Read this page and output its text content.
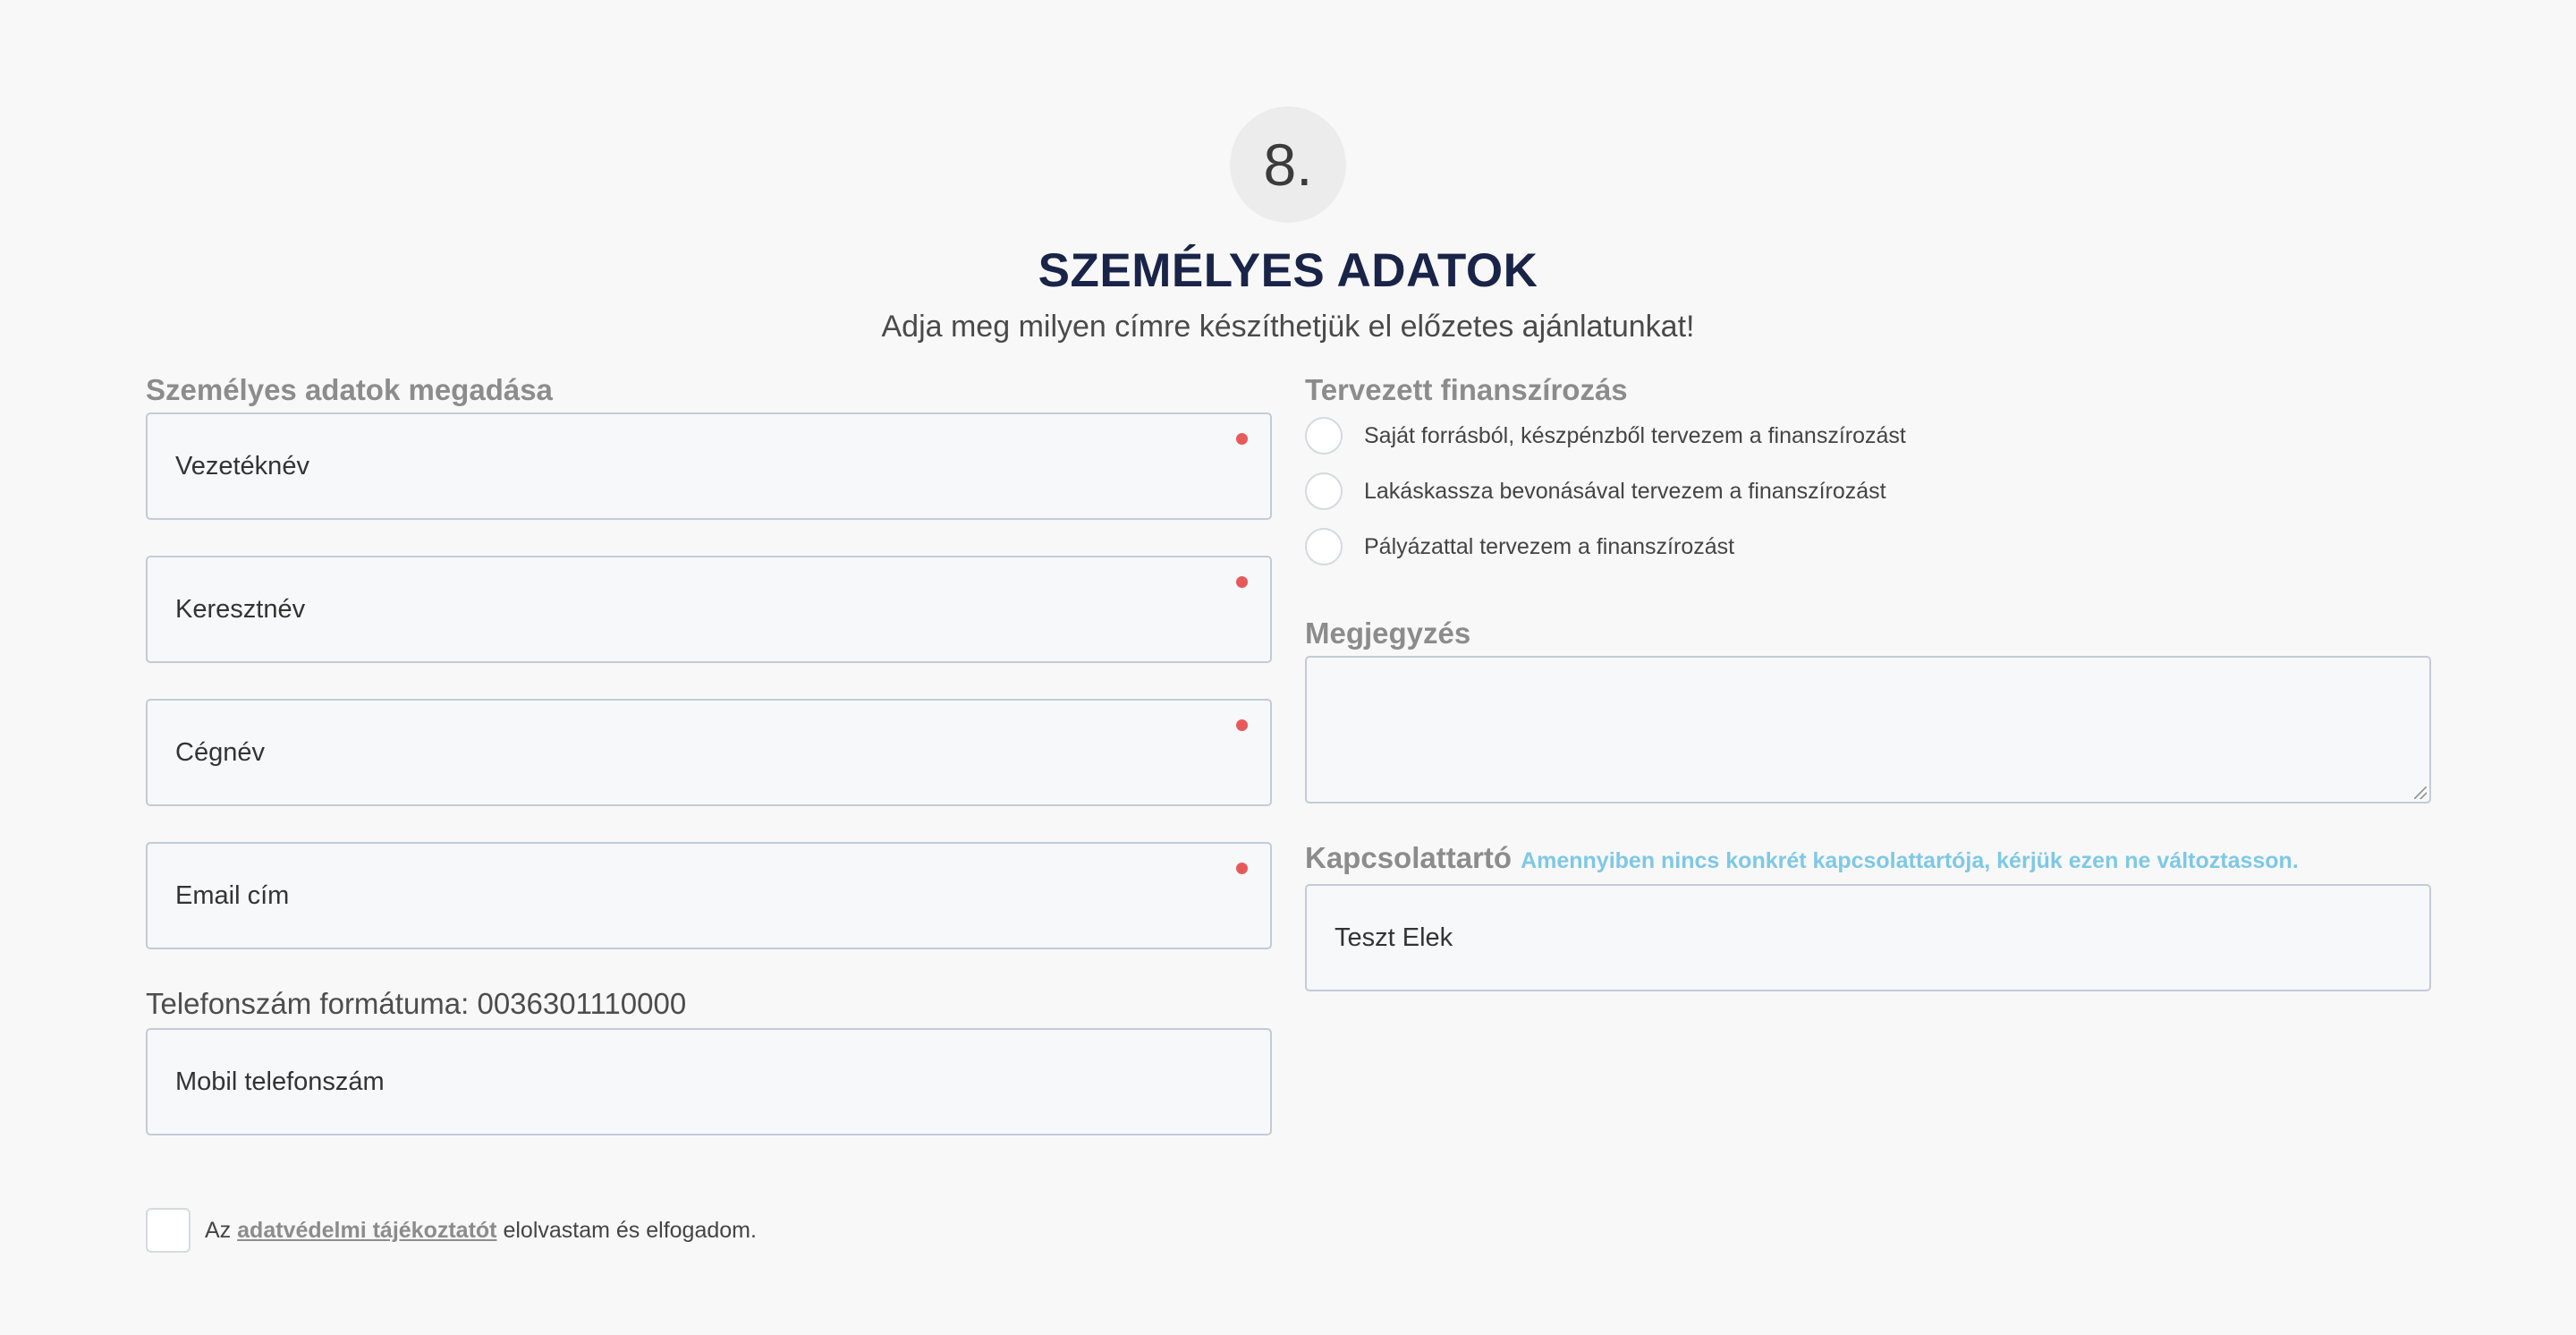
8.
SZEMÉLYES ADATOK
Adja meg milyen címre készíthetjük el előzetes ajánlatunkat!
Személyes adatok megadása
Vezetéknév
Keresztnév
Cégnév
Email cím
Telefonszám formátuma: 0036301110000
Mobil telefonszám
Tervezett finanszírozás
Saját forrásból, készpénzből tervezem a finanszírozást
Lakáskassza bevonásával tervezem a finanszírozást
Pályázattal tervezem a finanszírozást
Megjegyzés
Kapcsolattartó Amennyiben nincs konkrét kapcsolattartója, kérjük ezen ne változtasson.
Teszt Elek
Az adatvédelmi tájékoztatót elolvastam és elfogadom.
